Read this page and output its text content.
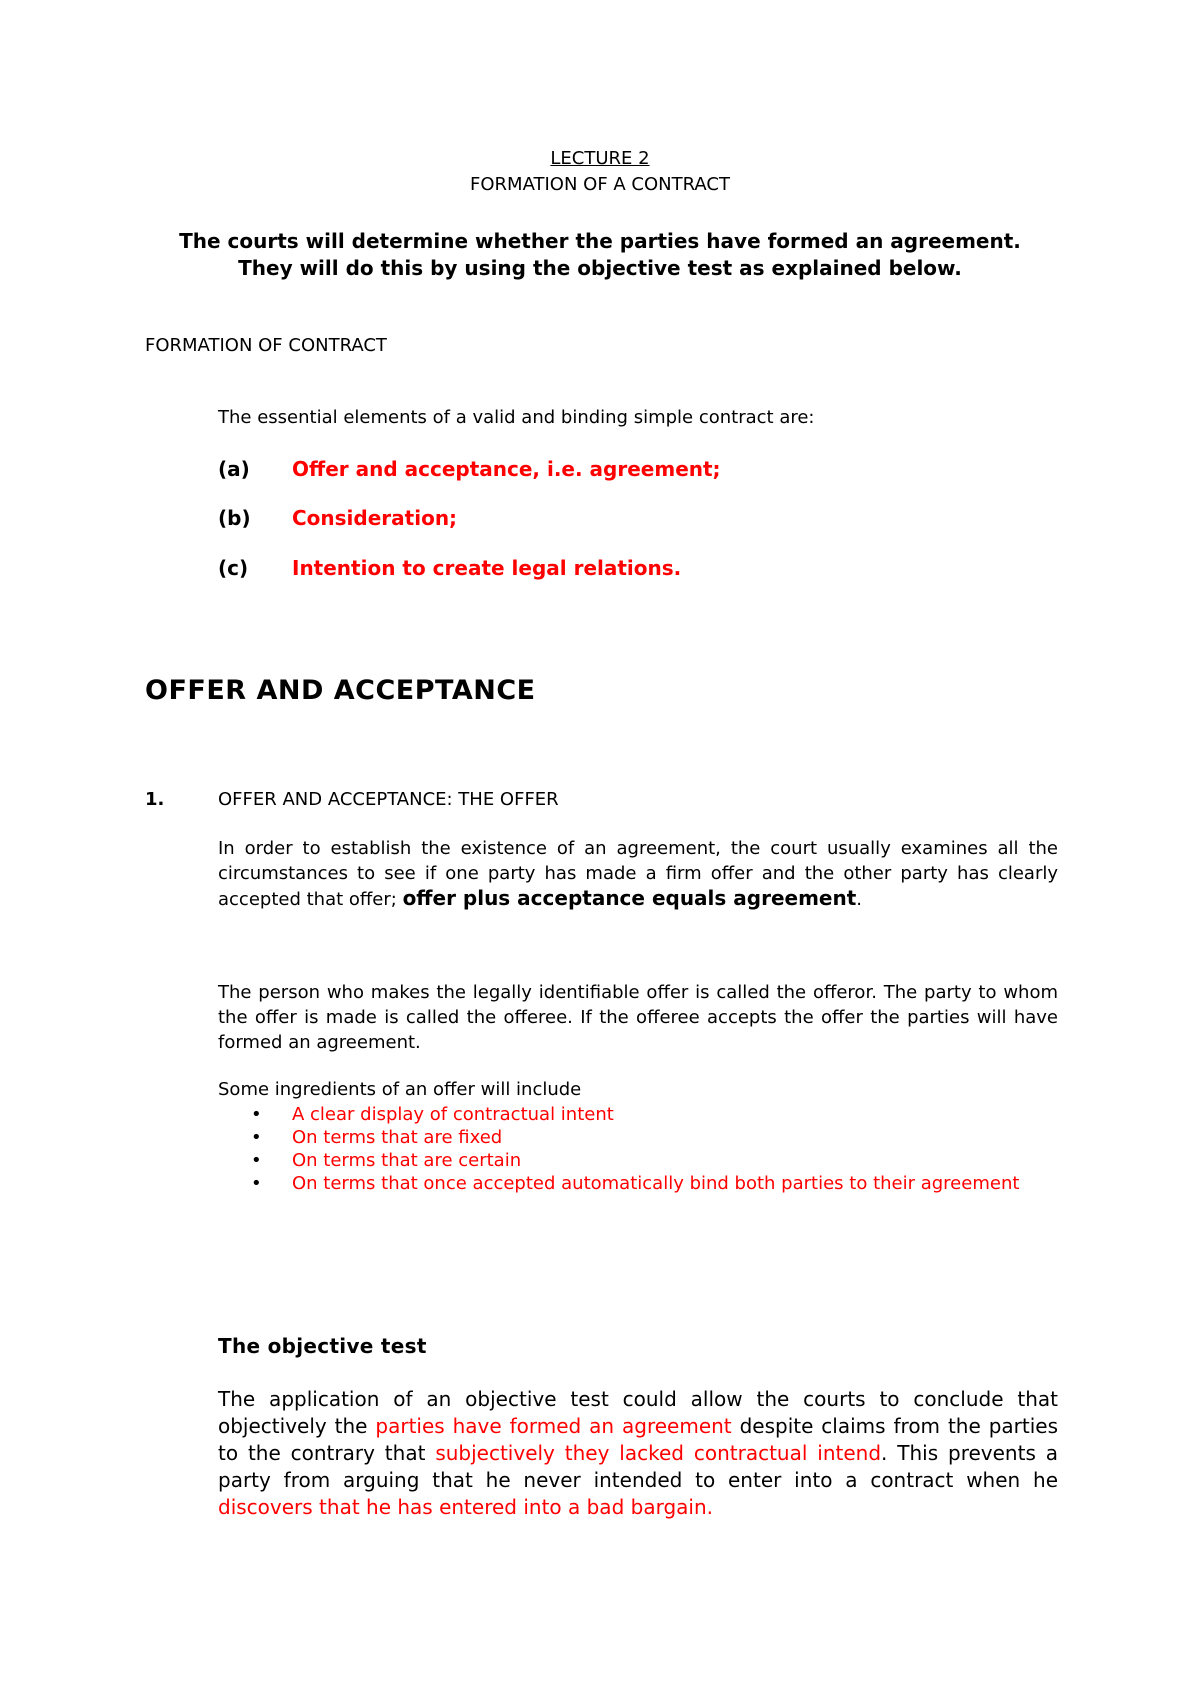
LECTURE 2
FORMATION OF A CONTRACT
The courts will determine whether the parties have formed an agreement. They will do this by using the objective test as explained below.
FORMATION OF CONTRACT
The essential elements of a valid and binding simple contract are:
(a) Offer and acceptance, i.e. agreement;
(b) Consideration;
(c) Intention to create legal relations.
OFFER AND ACCEPTANCE
1.	OFFER AND ACCEPTANCE: THE OFFER
In order to establish the existence of an agreement, the court usually examines all the circumstances to see if one party has made a firm offer and the other party has clearly accepted that offer; offer plus acceptance equals agreement.
The person who makes the legally identifiable offer is called the offeror. The party to whom the offer is made is called the offeree. If the offeree accepts the offer the parties will have formed an agreement.
Some ingredients of an offer will include
• A clear display of contractual intent
• On terms that are fixed
• On terms that are certain
• On terms that once accepted automatically bind both parties to their agreement
The objective test
The application of an objective test could allow the courts to conclude that objectively the parties have formed an agreement despite claims from the parties to the contrary that subjectively they lacked contractual intend. This prevents a party from arguing that he never intended to enter into a contract when he discovers that he has entered into a bad bargain.
